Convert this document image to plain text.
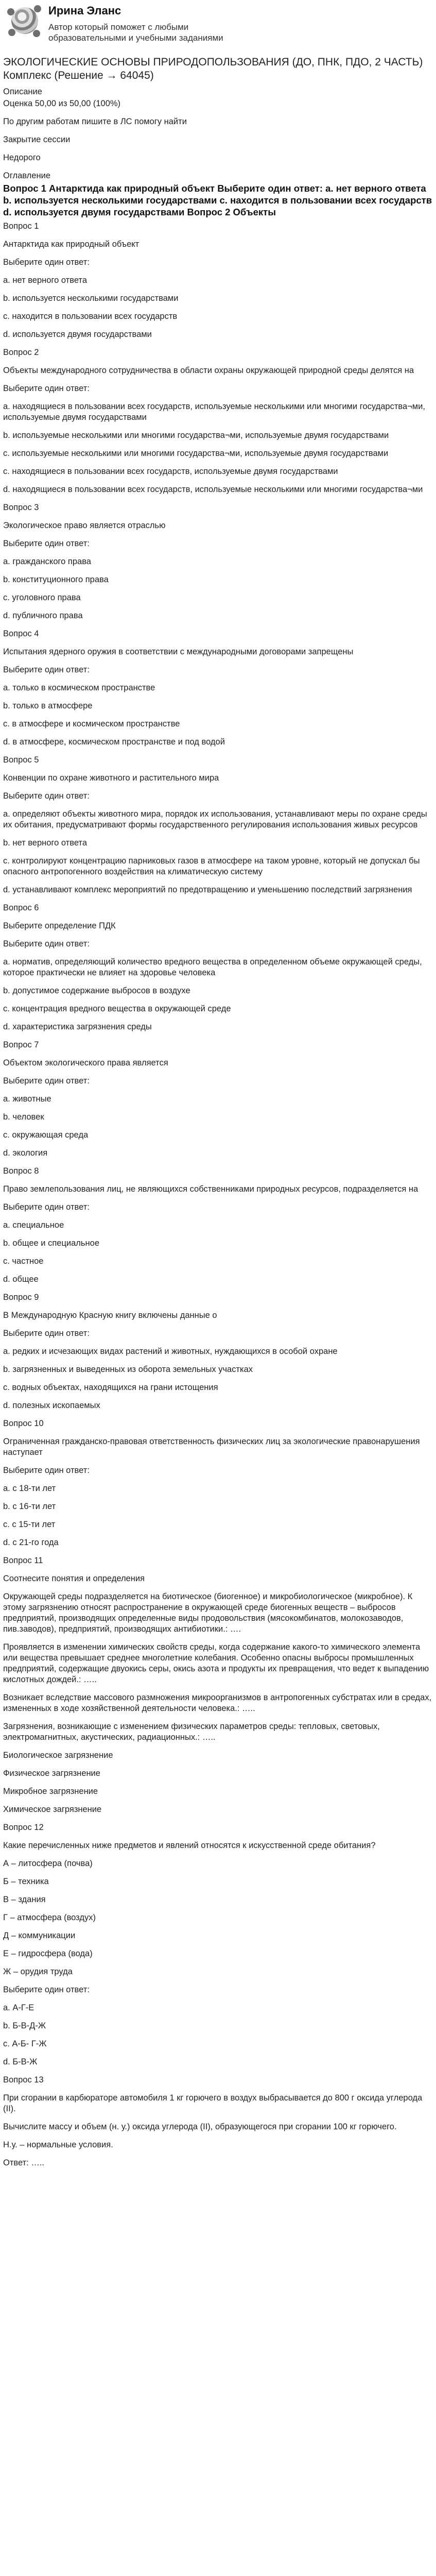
Ирина Эланс
Автор который поможет с любыми образовательными и учебными заданиями
ЭКОЛОГИЧЕСКИЕ ОСНОВЫ ПРИРОДОПОЛЬЗОВАНИЯ (ДО, ПНК, ПДО, 2 ЧАСТЬ) Комплекс (Решение → 64045)
Описание
Оценка 50,00 из 50,00 (100%)
По другим работам пишите в ЛС помогу найти
Закрытие сессии
Недорого
Оглавление
Вопрос 1 Антарктида как природный объект Выберите один ответ: a. нет верного ответа b. используется несколькими государствами c. находится в пользовании всех государств d. используется двумя государствами Вопрос 2 Объекты
Вопрос 1
Антарктида как природный объект
Выберите один ответ:
a. нет верного ответа
b. используется несколькими государствами
c. находится в пользовании всех государств
d. используется двумя государствами
Вопрос 2
Объекты международного сотрудничества в области охраны окружающей природной среды делятся на
Выберите один ответ:
a. находящиеся в пользовании всех государств, используемые несколькими или многими государства¬ми, используемые двумя государствами
b. используемые несколькими или многими государства¬ми, используемые двумя государствами
c. используемые несколькими или многими государства¬ми, используемые двумя государствами
c. находящиеся в пользовании всех государств, используемые двумя государствами
d. находящиеся в пользовании всех государств, используемые несколькими или многими государства¬ми
Вопрос 3
Экологическое право является отраслью
Выберите один ответ:
a. гражданского права
b. конституционного права
c. уголовного права
d. публичного права
Вопрос 4
Испытания ядерного оружия в соответствии с международными договорами запрещены
Выберите один ответ:
a. только в космическом пространстве
b. только в атмосфере
c. в атмосфере и космическом пространстве
d. в атмосфере, космическом пространстве и под водой
Вопрос 5
Конвенции по охране животного и растительного мира
Выберите один ответ:
a. определяют объекты животного мира, порядок их использования, устанавливают меры по охране среды их обитания, предусматривают формы государственного регулирования использования живых ресурсов
b. нет верного ответа
c. контролируют концентрацию парниковых газов в атмосфере на таком уровне, который не допускал бы опасного антропогенного воздействия на климатическую систему
d. устанавливают комплекс мероприятий по предотвращению и уменьшению последствий загрязнения
Вопрос 6
Выберите определение ПДК
Выберите один ответ:
a. норматив, определяющий количество вредного вещества в определенном объеме окружающей среды, которое практически не влияет на здоровье человека
b. допустимое содержание выбросов в воздухе
c. концентрация вредного вещества в окружающей среде
d. характеристика загрязнения среды
Вопрос 7
Объектом экологического права является
Выберите один ответ:
a. животные
b. человек
c. окружающая среда
d. экология
Вопрос 8
Право землепользования лиц, не являющихся собственниками природных ресурсов, подразделяется на
Выберите один ответ:
a. специальное
b. общее и специальное
c. частное
d. общее
Вопрос 9
В Международную Красную книгу включены данные о
Выберите один ответ:
a. редких и исчезающих видах растений и животных, нуждающихся в особой охране
b. загрязненных и выведенных из оборота земельных участках
c. водных объектах, находящихся на грани истощения
d. полезных ископаемых
Вопрос 10
Ограниченная гражданско-правовая ответственность физических лиц за экологические правонарушения наступает
Выберите один ответ:
a. с 18-ти лет
b. с 16-ти лет
c. с 15-ти лет
d. с 21-го года
Вопрос 11
Соотнесите понятия и определения
Окружающей среды подразделяется на биотическое (биогенное) и микробиологическое (микробное). К этому загрязнению относят распространение в окружающей среде биогенных веществ – выбросов предприятий, производящих определенные виды продовольствия (мясокомбинатов, молокозаводов, пив.заводов), предприятий, производящих антибиотики.: ….
Проявляется в изменении химических свойств среды, когда содержание какого-то химического элемента или вещества превышает среднее многолетние колебания. Особенно опасны выбросы промышленных предприятий, содержащие двуокись серы, окись азота и продукты их превращения, что ведет к выпадению кислотных дождей.: …..
Возникает вследствие массового размножения микроорганизмов в антропогенных субстратах или в средах, измененных в ходе хозяйственной деятельности человека.: …..
Загрязнения, возникающие с изменением физических параметров среды: тепловых, световых, электромагнитных, акустических, радиационных.: …..
Биологическое загрязнение
Физическое загрязнение
Микробное загрязнение
Химическое загрязнение
Вопрос 12
Какие перечисленных ниже предметов и явлений относятся к искусственной среде обитания?
А – литосфера (почва)
Б – техника
В – здания
Г – атмосфера (воздух)
Д – коммуникации
Е – гидросфера (вода)
Ж – орудия труда
Выберите один ответ:
a. А-Г-Е
b. Б-В-Д-Ж
c. А-Б- Г-Ж
d. Б-В-Ж
Вопрос 13
При сгорании в карбюраторе автомобиля 1 кг горючего в воздух выбрасывается до 800 г оксида углерода (II).
Вычислите массу и объем (н. у.) оксида углерода (II), образующегося при сгорании 100 кг горючего.
Н.у. – нормальные условия.
Ответ: …..
